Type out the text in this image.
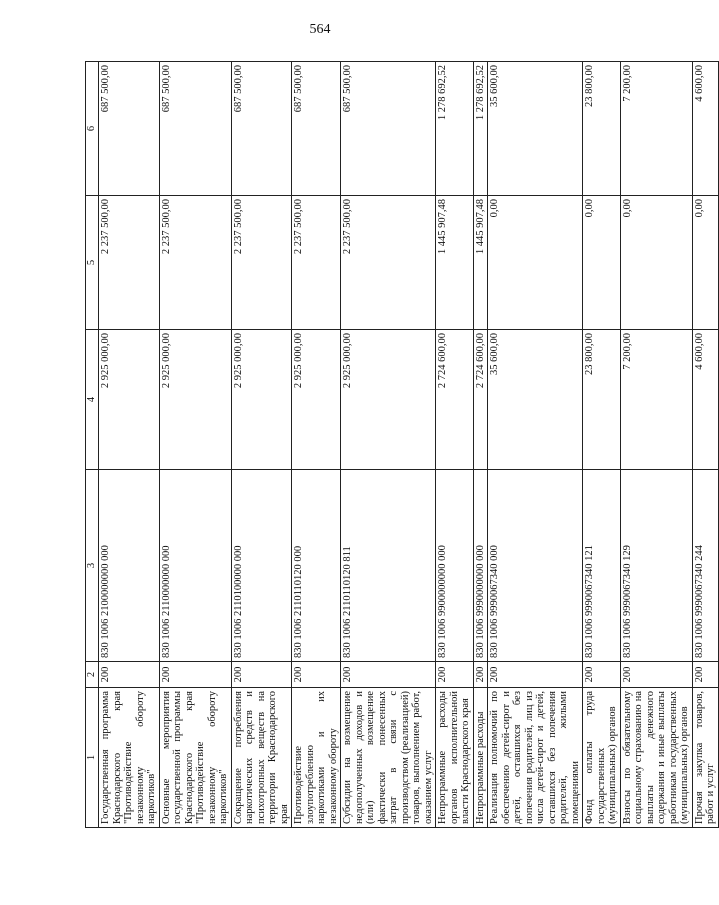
564
1	2	3	4	5	6
Государственная программа Краснодарского края "Противодействие незаконному обороту наркотиков"	200	830 1006 2100000000 000	2 925 000,00	2 237 500,00	687 500,00
Основные мероприятия государственной программы Краснодарского края "Противодействие незаконному обороту наркотиков"	200	830 1006 2110000000 000	2 925 000,00	2 237 500,00	687 500,00
Сокращение потребления наркотических средств и психотропных веществ на территории Краснодарского края	200	830 1006 2110100000 000	2 925 000,00	2 237 500,00	687 500,00
Противодействие злоупотреблению наркотиками и их незаконному обороту	200	830 1006 2110110120 000	2 925 000,00	2 237 500,00	687 500,00
Субсидии на возмещение недополученных доходов и (или) возмещение фактически понесенных затрат в связи с производством (реализацией) товаров, выполнением работ, оказанием услуг	200	830 1006 2110110120 811	2 925 000,00	2 237 500,00	687 500,00
Непрограммные расходы органов исполнительной власти Краснодарского края	200	830 1006 9900000000 000	2 724 600,00	1 445 907,48	1 278 692,52
Непрограммные расходы	200	830 1006 9990000000 000	2 724 600,00	1 445 907,48	1 278 692,52
Реализация полномочий по обеспечению детей-сирот и детей, оставшихся без попечения родителей, лиц из числа детей-сирот и детей, оставшихся без попечения родителей, жилыми помещениями	200	830 1006 9990067340 000	35 600,00	0,00	35 600,00
Фонд оплаты труда государственных (муниципальных) органов	200	830 1006 9990067340 121	23 800,00	0,00	23 800,00
Взносы по обязательному социальному страхованию на выплаты денежного содержания и иные выплаты работникам государственных (муниципальных) органов	200	830 1006 9990067340 129	7 200,00	0,00	7 200,00
Прочая закупка товаров, работ и услуг	200	830 1006 9990067340 244	4 600,00	0,00	4 600,00
